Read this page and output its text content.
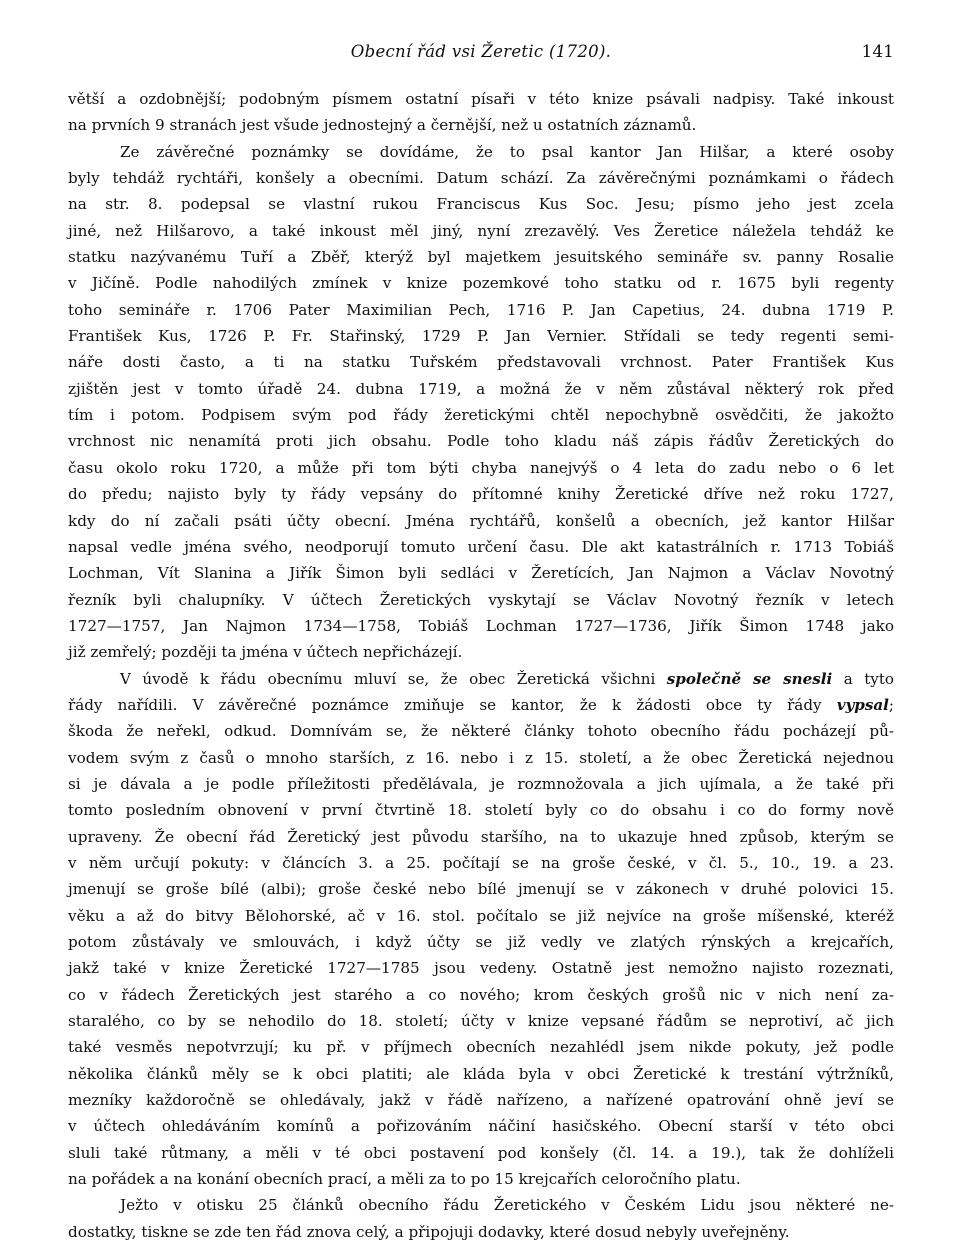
Obecní řád vsi Žeretic (1720).	141
větší a ozdobnější; podobným písmem ostatní písaři v této knize psávali nadpisy. Také inkoust
na prvních 9 stranách jest všude jednostejný a černější, než u ostatních záznamů.
Ze závěrečné poznámky se dovídáme, že to psal kantor Jan Hilšar, a které osoby
byly tehdáž rychtáři, konšely a obecními. Datum schází. Za závěrečnými poznámkami o řádech
na str. 8. podepsal se vlastní rukou Franciscus Kus Soc. Jesu; písmo jeho jest zcela
jiné, než Hilšarovo, a také inkoust měl jiný, nyní zrezavělý. Ves Žeretice náležela tehdáž ke
statku nazývanému Tuří a Zběř, kterýž byl majetkem jesuitského semináře sv. panny Rosalie
v Jičíně. Podle nahodilých zmínek v knize pozemkové toho statku od r. 1675 byli regenty
toho semináře r. 1706 Pater Maximilian Pech, 1716 P. Jan Capetius, 24. dubna 1719 P.
František Kus, 1726 P. Fr. Stařinský, 1729 P. Jan Vernier. Střídali se tedy regenti semi-
náře dosti často, a ti na statku Tuřském představovali vrchnost. Pater František Kus
zjištěn jest v tomto úřadě 24. dubna 1719, a možná že v něm zůstával některý rok před
tím i potom. Podpisem svým pod řády žeretickými chtěl nepochybně osvědčiti, že jakožto
vrchnost nic nenamítá proti jich obsahu. Podle toho kladu náš zápis řádův Žeretických do
času okolo roku 1720, a může při tom býti chyba nanejvýš o 4 leta do zadu nebo o 6 let
do předu; najisto byly ty řády vepsány do přítomné knihy Žeretické dříve než roku 1727,
kdy do ní začali psáti účty obecní. Jména rychtářů, konšelů a obecních, jež kantor Hilšar
napsal vedle jména svého, neodporují tomuto určení času. Dle akt katastrálních r. 1713 Tobiáš
Lochman, Vít Slanina a Jiřík Šimon byli sedláci v Žeretících, Jan Najmon a Václav Novotný
řezník byli chalupníky. V účtech Žeretických vyskytají se Václav Novotný řezník v letech
1727—1757, Jan Najmon 1734—1758, Tobiáš Lochman 1727—1736, Jiřík Šimon 1748 jako
již zemřelý; později ta jména v účtech nepřicházejí.
V úvodě k řádu obecnímu mluví se, že obec Žeretická všichni společně se snesli a tyto
řády nařídili. V závěrečné poznámce zmiňuje se kantor, že k žádosti obce ty řády vypsal;
škoda že neřekl, odkud. Domnívám se, že některé články tohoto obecního řádu pocházejí pů-
vodem svým z časů o mnoho starších, z 16. nebo i z 15. století, a že obec Žeretická nejednou
si je dávala a je podle příležitosti předělávala, je rozmnožovala a jich ujímala, a že také při
tomto posledním obnovení v první čtvrtině 18. století byly co do obsahu i co do formy nově
upraveny. Že obecní řád Žeretický jest původu staršího, na to ukazuje hned způsob, kterým se
v něm určují pokuty: v článcích 3. a 25. počítají se na groše české, v čl. 5., 10., 19. a 23.
jmenují se groše bílé (albi); groše české nebo bílé jmenují se v zákonech v druhé polovici 15.
věku a až do bitvy Bělohorské, ač v 16. stol. počítalo se již nejvíce na groše míšenské, kteréž
potom zůstávaly ve smlouvách, i když účty se již vedly ve zlatých rýnských a krejcařích,
jakž také v knize Žeretické 1727—1785 jsou vedeny. Ostatně jest nemožno najisto rozeznati,
co v řádech Žeretických jest starého a co nového; krom českých grošů nic v nich není za-
staralého, co by se nehodilo do 18. století; účty v knize vepsané řádům se neprotiví, ač jich
také vesměs nepotvrzují; ku př. v příjmech obecních nezahlédl jsem nikde pokuty, jež podle
několika článků měly se k obci platiti; ale kláda byla v obci Žeretické k trestání výtržníků,
mezníky každoročně se ohledávaly, jakž v řádě nařízeno, a nařízené opatrování ohně jeví se
v účtech ohledáváním komínů a pořizováním náčiní hasičského. Obecní starší v této obci
sluli také růtmany, a měli v té obci postavení pod konšely (čl. 14. a 19.), tak že dohlíželi
na pořádek a na konání obecních prací, a měli za to po 15 krejcařích celoročního platu.
Ježto v otisku 25 článků obecního řádu Žeretického v Českém Lidu jsou některé ne-
dostatky, tiskne se zde ten řád znova celý, a připojuji dodavky, které dosud nebyly uveřejněny.
